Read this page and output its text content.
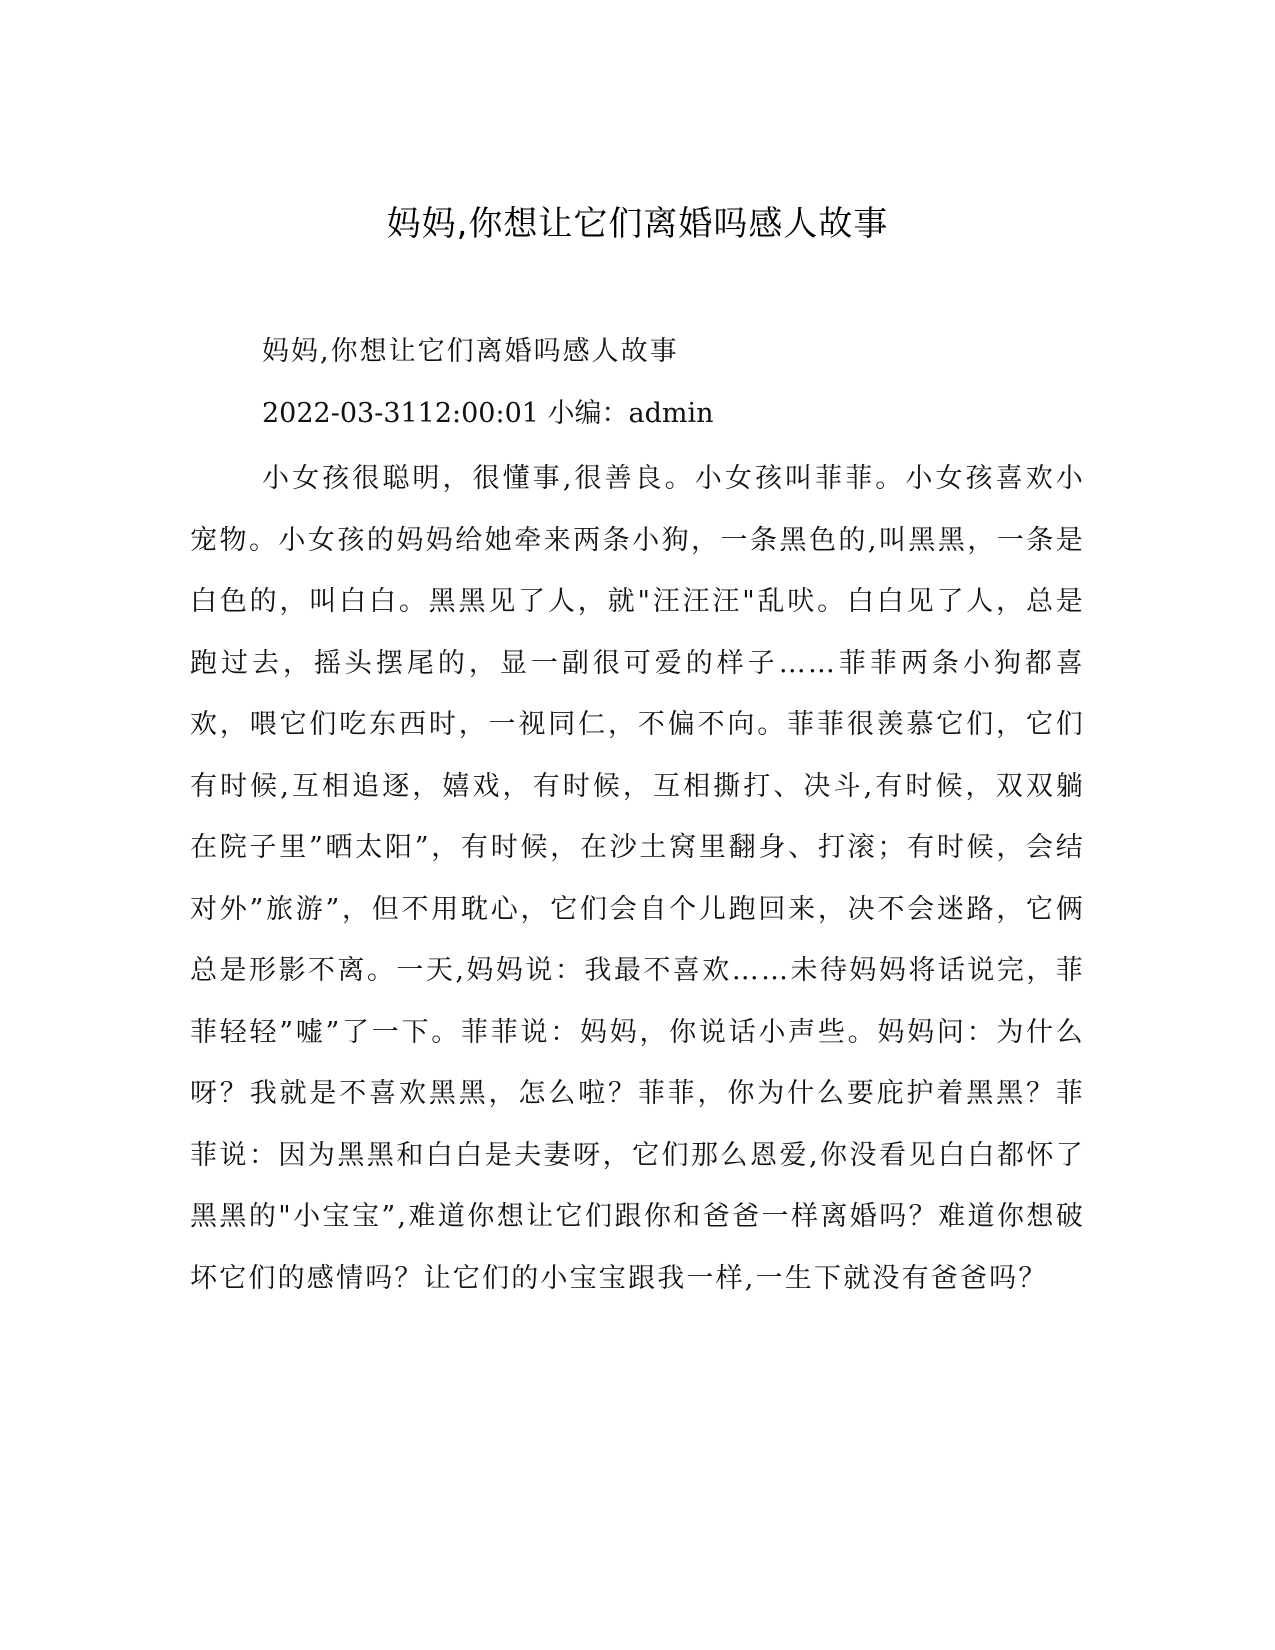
妈妈,你想让它们离婚吗感人故事

妈妈,你想让它们离婚吗感人故事

2022-03-3112:00:01 小编：admin

小女孩很聪明，很懂事,很善良。小女孩叫菲菲。小女孩喜欢小宠物。小女孩的妈妈给她牵来两条小狗，一条黑色的,叫黑黑，一条是白色的，叫白白。黑黑见了人，就"汪汪汪"乱吠。白白见了人，总是跑过去，摇头摆尾的，显一副很可爱的样子……菲菲两条小狗都喜欢，喂它们吃东西时，一视同仁，不偏不向。菲菲很羡慕它们，它们有时候,互相追逐，嬉戏，有时候，互相撕打、决斗,有时候，双双躺在院子里”晒太阳”，有时候，在沙土窝里翻身、打滚；有时候，会结对外”旅游”，但不用耽心，它们会自个儿跑回来，决不会迷路，它俩总是形影不离。一天,妈妈说：我最不喜欢……未待妈妈将话说完，菲菲轻轻”嘘”了一下。菲菲说：妈妈，你说话小声些。妈妈问：为什么呀？我就是不喜欢黑黑，怎么啦？菲菲，你为什么要庇护着黑黑？菲菲说：因为黑黑和白白是夫妻呀，它们那么恩爱,你没看见白白都怀了黑黑的"小宝宝”,难道你想让它们跟你和爸爸一样离婚吗？难道你想破坏它们的感情吗？让它们的小宝宝跟我一样,一生下就没有爸爸吗？
